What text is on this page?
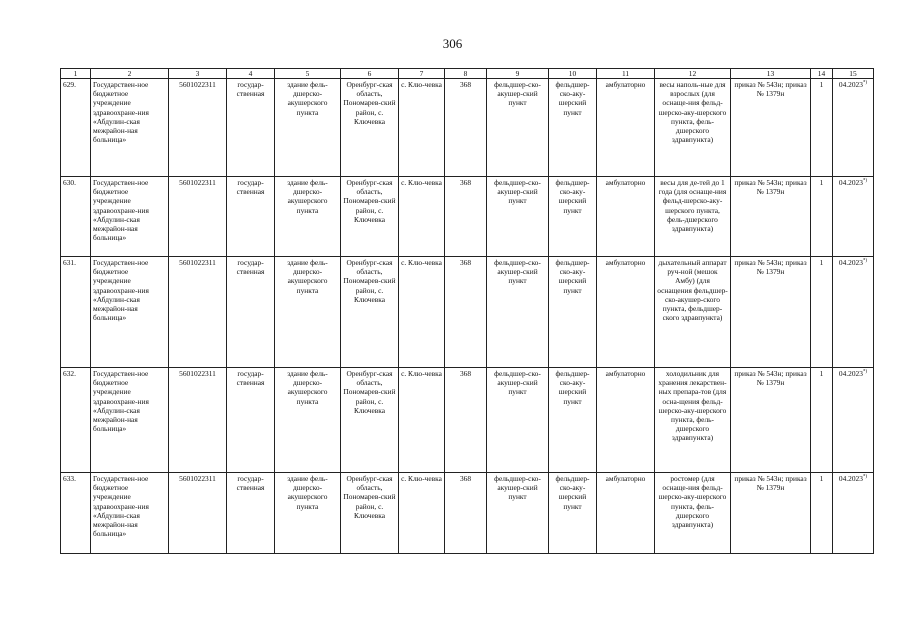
306
1	2	3	4	5	6	7	8	9	10	11	12	13	14	15
629.	Государствен-ное бюджетное учреждение здравоохране-ния «Абдулин-ская межрайон-ная больница»	5601022311	государ-ственная	здание фель-дшерско-акушерского пункта	Оренбург-ская область, Пономарев-ский район, с. Ключевка	с. Клю-чевка	368	фельдшер-ско-акушер-ский пункт	фельдшер-ско-аку-шерский пункт	амбулаторно	весы наполь-ные для взрослых (для оснаще-ния фельд-шерско-аку-шерского пункта, фель-дшерского здравпункта)	приказ № 543н; приказ № 1379н	1	04.2023*)
630.	Государствен-ное бюджетное учреждение здравоохране-ния «Абдулин-ская межрайон-ная больница»	5601022311	государ-ственная	здание фель-дшерско-акушерского пункта	Оренбург-ская область, Пономарев-ский район, с. Ключевка	с. Клю-чевка	368	фельдшер-ско-акушер-ский пункт	фельдшер-ско-аку-шерский пункт	амбулаторно	весы для де-тей до 1 года (для оснаще-ния фельд-шерско-аку-шерского пункта, фель-дшерского здравпункта)	приказ № 543н; приказ № 1379н	1	04.2023*)
631.	Государствен-ное бюджетное учреждение здравоохране-ния «Абдулин-ская межрайон-ная больница»	5601022311	государ-ственная	здание фель-дшерско-акушерского пункта	Оренбург-ская область, Пономарев-ский район, с. Ключевка	с. Клю-чевка	368	фельдшер-ско-акушер-ский пункт	фельдшер-ско-аку-шерский пункт	амбулаторно	дыхательный аппарат руч-ной (мешок Амбу) (для оснащения фельдшер-ско-акушер-ского пункта, фельдшер-ского здравпункта)	приказ № 543н; приказ № 1379н	1	04.2023*)
632.	Государствен-ное бюджетное учреждение здравоохране-ния «Абдулин-ская межрайон-ная больница»	5601022311	государ-ственная	здание фель-дшерско-акушерского пункта	Оренбург-ская область, Пономарев-ский район, с. Ключевка	с. Клю-чевка	368	фельдшер-ско-акушер-ский пункт	фельдшер-ско-аку-шерский пункт	амбулаторно	холодильник для хранения лекарствен-ных препара-тов (для осна-щения фельд-шерско-аку-шерского пункта, фель-дшерского здравпункта)	приказ № 543н; приказ № 1379н	1	04.2023*)
633.	Государствен-ное бюджетное учреждение здравоохране-ния «Абдулин-ская межрайон-ная больница»	5601022311	государ-ственная	здание фель-дшерско-акушерского пункта	Оренбург-ская область, Пономарев-ский район, с. Ключевка	с. Клю-чевка	368	фельдшер-ско-акушер-ский пункт	фельдшер-ско-аку-шерский пункт	амбулаторно	ростомер (для оснаще-ния фельд-шерско-аку-шерского пункта, фель-дшерского здравпункта)	приказ № 543н; приказ № 1379н	1	04.2023*)
